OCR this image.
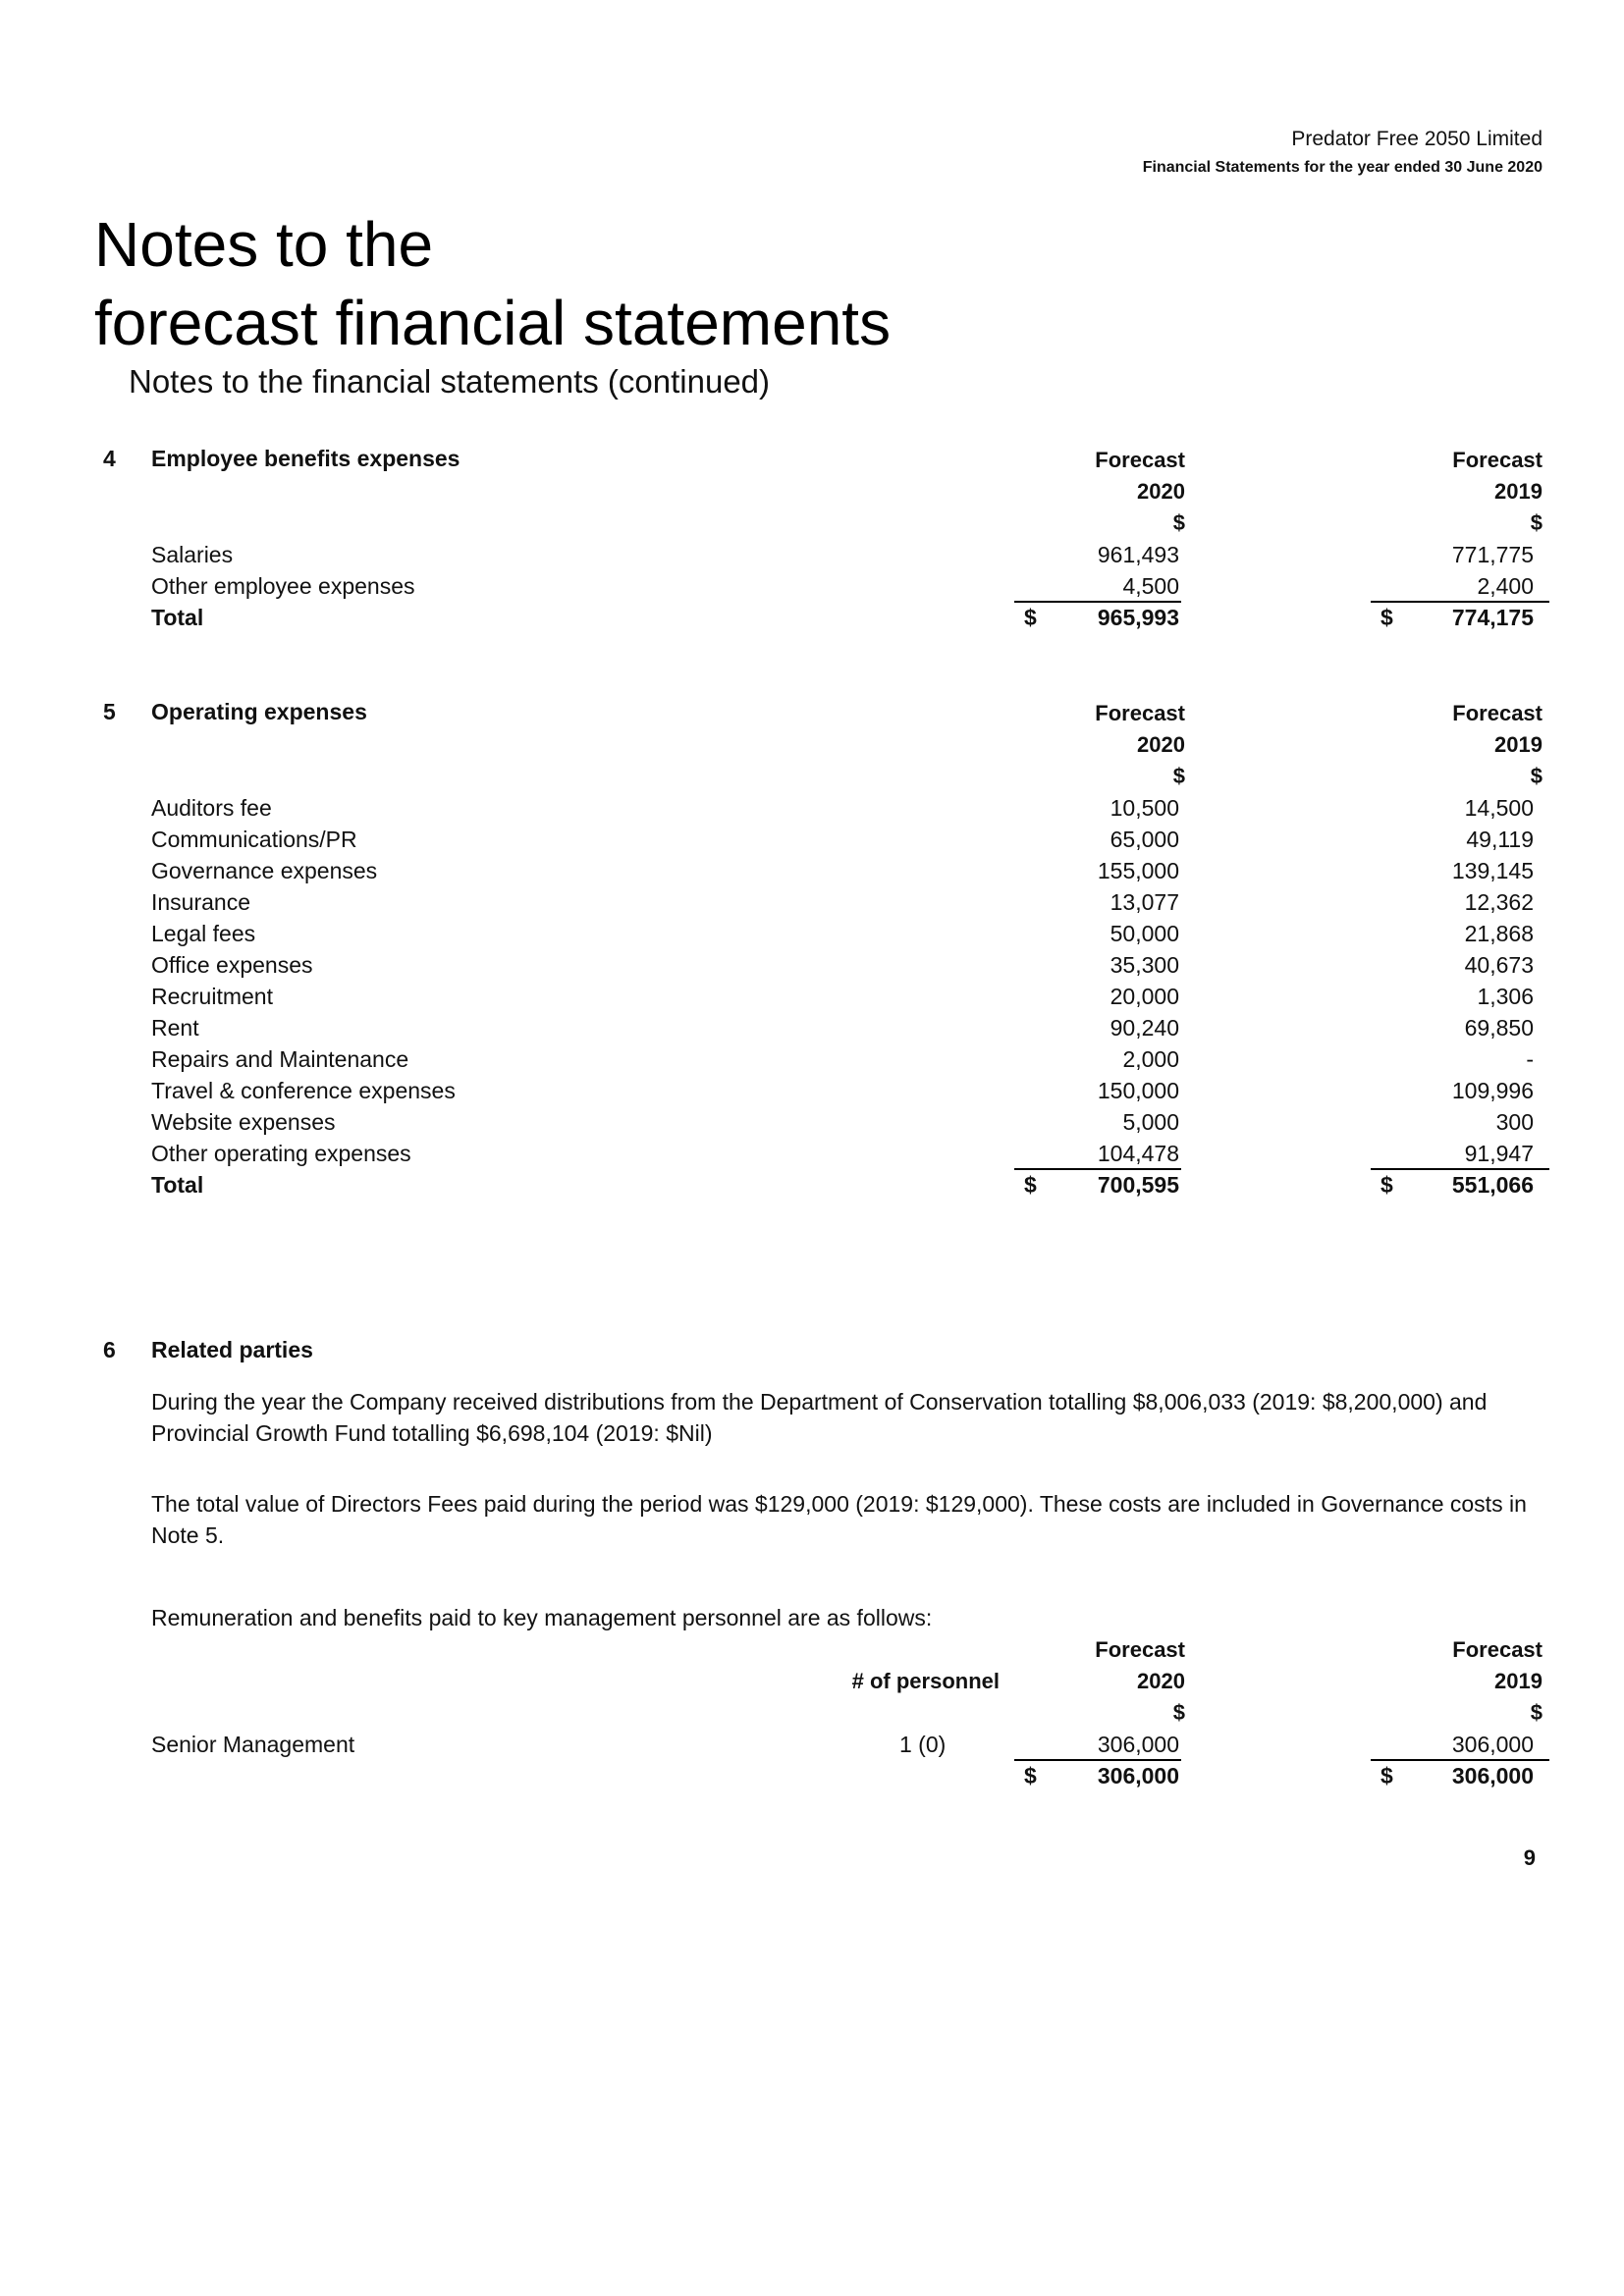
Predator Free 2050 Limited
Financial Statements for the year ended 30 June 2020
Notes to the
forecast financial statements
Notes to the financial statements (continued)
4 Employee benefits expenses	Forecast	Forecast
2020	2019
$	$
Salaries	961,493	771,775
Other employee expenses	4,500	2,400
Total	$	965,993	$	774,175
5 Operating expenses	Forecast	Forecast
2020	2019
$	$
Auditors fee	10,500	14,500
Communications/PR	65,000	49,119
Governance expenses	155,000	139,145
Insurance	13,077	12,362
Legal fees	50,000	21,868
Office expenses	35,300	40,673
Recruitment	20,000	1,306
Rent	90,240	69,850
Repairs and Maintenance	2,000	-
Travel & conference expenses	150,000	109,996
Website expenses	5,000	300
Other operating expenses	104,478	91,947
Total	$	700,595	$	551,066
6 Related parties
During the year the Company received distributions from the Department of Conservation totalling $8,006,033 (2019: $8,200,000) and Provincial Growth Fund totalling $6,698,104 (2019: $Nil)
The total value of Directors Fees paid during the period was $129,000 (2019: $129,000). These costs are included in Governance costs in Note 5.
Remuneration and benefits paid to key management personnel are as follows:
Forecast	Forecast
# of personnel	2020	2019
$	$
Senior Management	1 (0)	306,000	306,000
$	306,000	$	306,000
9
